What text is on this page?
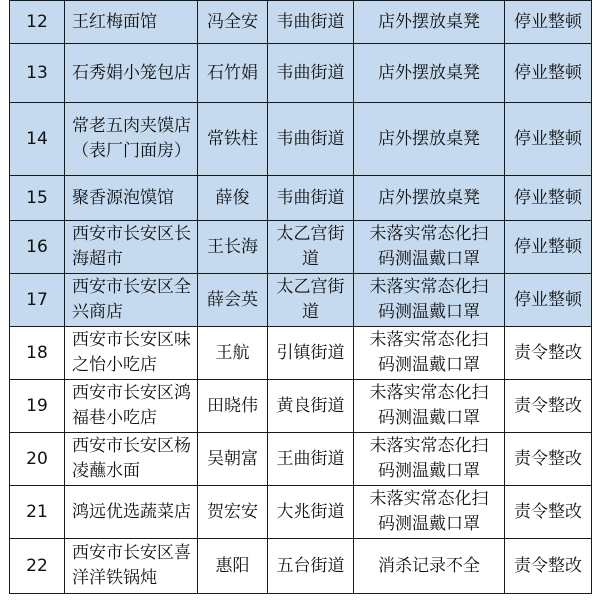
12	王红梅面馆	冯全安	韦曲街道	店外摆放桌凳	停业整顿
13	石秀娟小笼包店	石竹娟	韦曲街道	店外摆放桌凳	停业整顿
14	常老五肉夹馍店（表厂门面房）	常铁柱	韦曲街道	店外摆放桌凳	停业整顿
15	聚香源泡馍馆	薛俊	韦曲街道	店外摆放桌凳	停业整顿
16	西安市长安区长海超市	王长海	太乙宫街道	未落实常态化扫码测温戴口罩	停业整顿
17	西安市长安区全兴商店	薛会英	太乙宫街道	未落实常态化扫码测温戴口罩	停业整顿
18	西安市长安区味之怡小吃店	王航	引镇街道	未落实常态化扫码测温戴口罩	责令整改
19	西安市长安区鸿福巷小吃店	田晓伟	黄良街道	未落实常态化扫码测温戴口罩	责令整改
20	西安市长安区杨凌蘸水面	吴朝富	王曲街道	未落实常态化扫码测温戴口罩	责令整改
21	鸿远优选蔬菜店	贺宏安	大兆街道	未落实常态化扫码测温戴口罩	责令整改
22	西安市长安区喜洋洋铁锅炖	惠阳	五台街道	消杀记录不全	责令整改
